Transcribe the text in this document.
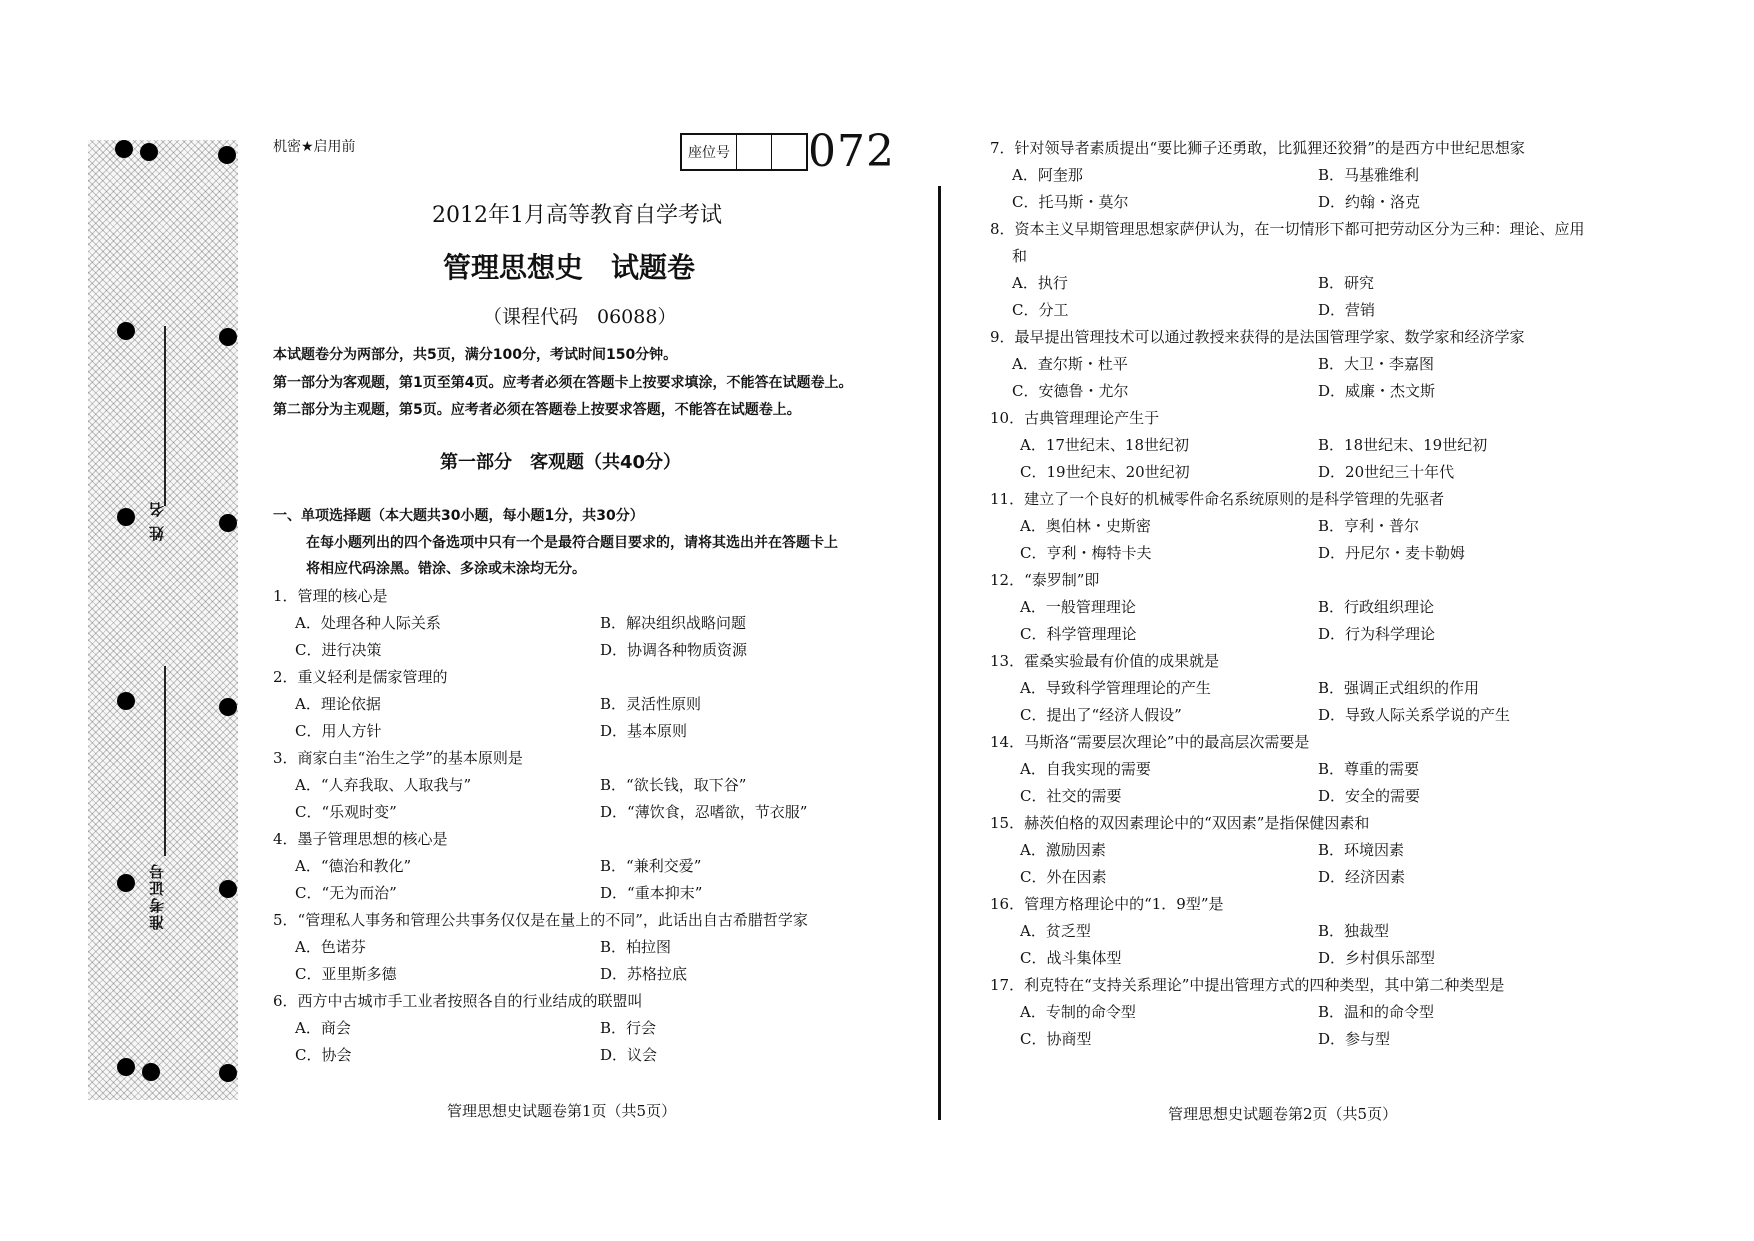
姓 名
准考证号
机密★启用前	座位号 072
2012年1月高等教育自学考试
管理思想史　试题卷
（课程代码　06088）
本试题卷分为两部分，共5页，满分100分，考试时间150分钟。
第一部分为客观题，第1页至第4页。应考者必须在答题卡上按要求填涂，不能答在试题卷上。
第二部分为主观题，第5页。应考者必须在答题卷上按要求答题，不能答在试题卷上。
第一部分　客观题（共40分）
一、单项选择题（本大题共30小题，每小题1分，共30分）
在每小题列出的四个备选项中只有一个是最符合题目要求的，请将其选出并在答题卡上
将相应代码涂黑。错涂、多涂或未涂均无分。
1．管理的核心是
A．处理各种人际关系	B．解决组织战略问题
C．进行决策	D．协调各种物质资源
2．重义轻利是儒家管理的
A．理论依据	B．灵活性原则
C．用人方针	D．基本原则
3．商家白圭“治生之学”的基本原则是
A．“人弃我取、人取我与”	B．“欲长钱，取下谷”
C．“乐观时变”	D．“薄饮食，忍嗜欲，节衣服”
4．墨子管理思想的核心是
A．“德治和教化”	B．“兼利交爱”
C．“无为而治”	D．“重本抑末”
5．“管理私人事务和管理公共事务仅仅是在量上的不同”，此话出自古希腊哲学家
A．色诺芬	B．柏拉图
C．亚里斯多德	D．苏格拉底
6．西方中古城市手工业者按照各自的行业结成的联盟叫
A．商会	B．行会
C．协会	D．议会
管理思想史试题卷第1页（共5页）
7．针对领导者素质提出“要比狮子还勇敢，比狐狸还狡猾”的是西方中世纪思想家
A．阿奎那	B．马基雅维利
C．托马斯・莫尔	D．约翰・洛克
8．资本主义早期管理思想家萨伊认为，在一切情形下都可把劳动区分为三种：理论、应用
和
A．执行	B．研究
C．分工	D．营销
9．最早提出管理技术可以通过教授来获得的是法国管理学家、数学家和经济学家
A．查尔斯・杜平	B．大卫・李嘉图
C．安德鲁・尤尔	D．威廉・杰文斯
10．古典管理理论产生于
A．17世纪末、18世纪初	B．18世纪末、19世纪初
C．19世纪末、20世纪初	D．20世纪三十年代
11．建立了一个良好的机械零件命名系统原则的是科学管理的先驱者
A．奥伯林・史斯密	B．亨利・普尔
C．亨利・梅特卡夫	D．丹尼尔・麦卡勒姆
12．“泰罗制”即
A．一般管理理论	B．行政组织理论
C．科学管理理论	D．行为科学理论
13．霍桑实验最有价值的成果就是
A．导致科学管理理论的产生	B．强调正式组织的作用
C．提出了“经济人假设”	D．导致人际关系学说的产生
14．马斯洛“需要层次理论”中的最高层次需要是
A．自我实现的需要	B．尊重的需要
C．社交的需要	D．安全的需要
15．赫茨伯格的双因素理论中的“双因素”是指保健因素和
A．激励因素	B．环境因素
C．外在因素	D．经济因素
16．管理方格理论中的“1．9型”是
A．贫乏型	B．独裁型
C．战斗集体型	D．乡村俱乐部型
17．利克特在“支持关系理论”中提出管理方式的四种类型，其中第二种类型是
A．专制的命令型	B．温和的命令型
C．协商型	D．参与型
管理思想史试题卷第2页（共5页）
